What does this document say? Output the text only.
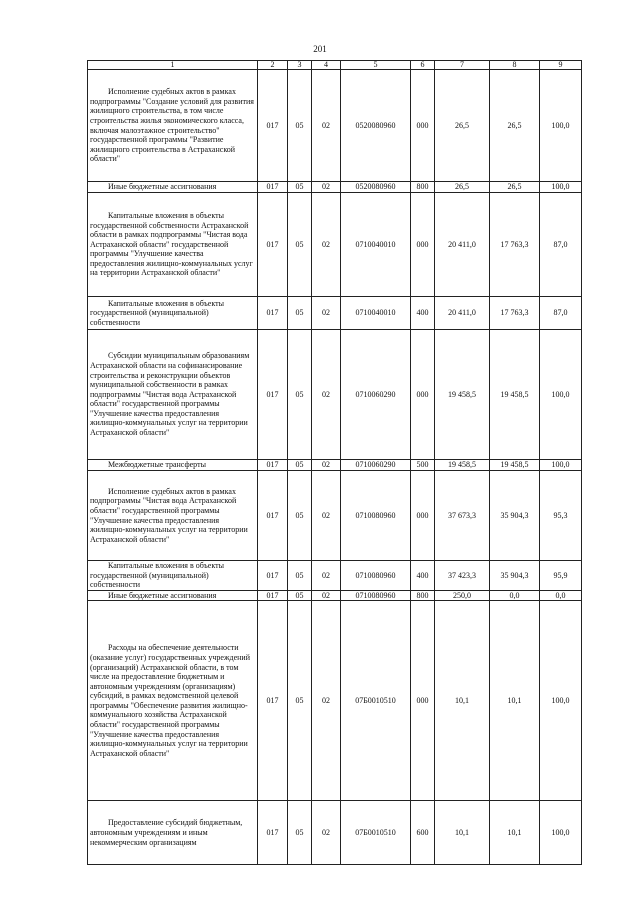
201
1	2	3	4	5	6	7	8	9

Исполнение судебных актов в рамках подпрограммы "Создание условий для развития жилищного строительства, в том числе строительства жилья экономического класса, включая малоэтажное строительство" государственной программы "Развитие жилищного строительства в Астраханской области"	017	05	02	0520080960	000	26,5	26,5	100,0

Иные бюджетные ассигнования	017	05	02	0520080960	800	26,5	26,5	100,0

Капитальные вложения в объекты государственной собственности Астраханской области в рамках подпрограммы "Чистая вода Астраханской области" государственной программы "Улучшение качества предоставления жилищно-коммунальных услуг на территории Астраханской области"	017	05	02	0710040010	000	20 411,0	17 763,3	87,0

Капитальные вложения в объекты государственной (муниципальной) собственности	017	05	02	0710040010	400	20 411,0	17 763,3	87,0

Субсидии муниципальным образованиям Астраханской области на софинансирование строительства и реконструкции объектов муниципальной собственности в рамках подпрограммы "Чистая вода Астраханской области" государственной программы "Улучшение качества предоставления жилищно-коммунальных услуг на территории Астраханской области"	017	05	02	0710060290	000	19 458,5	19 458,5	100,0

Межбюджетные трансферты	017	05	02	0710060290	500	19 458,5	19 458,5	100,0

Исполнение судебных актов в рамках подпрограммы "Чистая вода Астраханской области" государственной программы "Улучшение качества предоставления жилищно-коммунальных услуг на территории Астраханской области"	017	05	02	0710080960	000	37 673,3	35 904,3	95,3

Капитальные вложения в объекты государственной (муниципальной) собственности	017	05	02	0710080960	400	37 423,3	35 904,3	95,9

Иные бюджетные ассигнования	017	05	02	0710080960	800	250,0	0,0	0,0

Расходы на обеспечение деятельности (оказание услуг) государственных учреждений (организаций) Астраханской области, в том числе на предоставление бюджетным и автономным учреждениям (организациям) субсидий, в рамках ведомственной целевой программы "Обеспечение развития жилищно-коммунального хозяйства Астраханской области" государственной программы "Улучшение качества предоставления жилищно-коммунальных услуг на территории Астраханской области"	017	05	02	07Б0010510	000	10,1	10,1	100,0

Предоставление субсидий бюджетным, автономным учреждениям и иным некоммерческим организациям	017	05	02	07Б0010510	600	10,1	10,1	100,0
